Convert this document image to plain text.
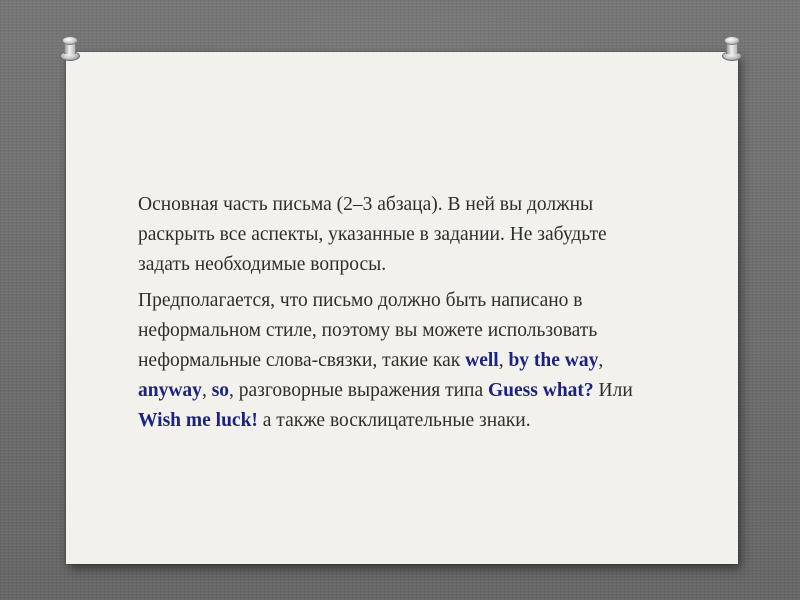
Основная часть письма (2–3 абзаца). В ней вы должны раскрыть все аспекты, указанные в задании. Не забудьте задать необходимые вопросы.

Предполагается, что письмо должно быть написано в неформальном стиле, поэтому вы можете использовать неформальные слова-связки, такие как well, by the way, anyway, so, разговорные выражения типа Guess what? Или Wish me luck! а также восклицательные знаки.
